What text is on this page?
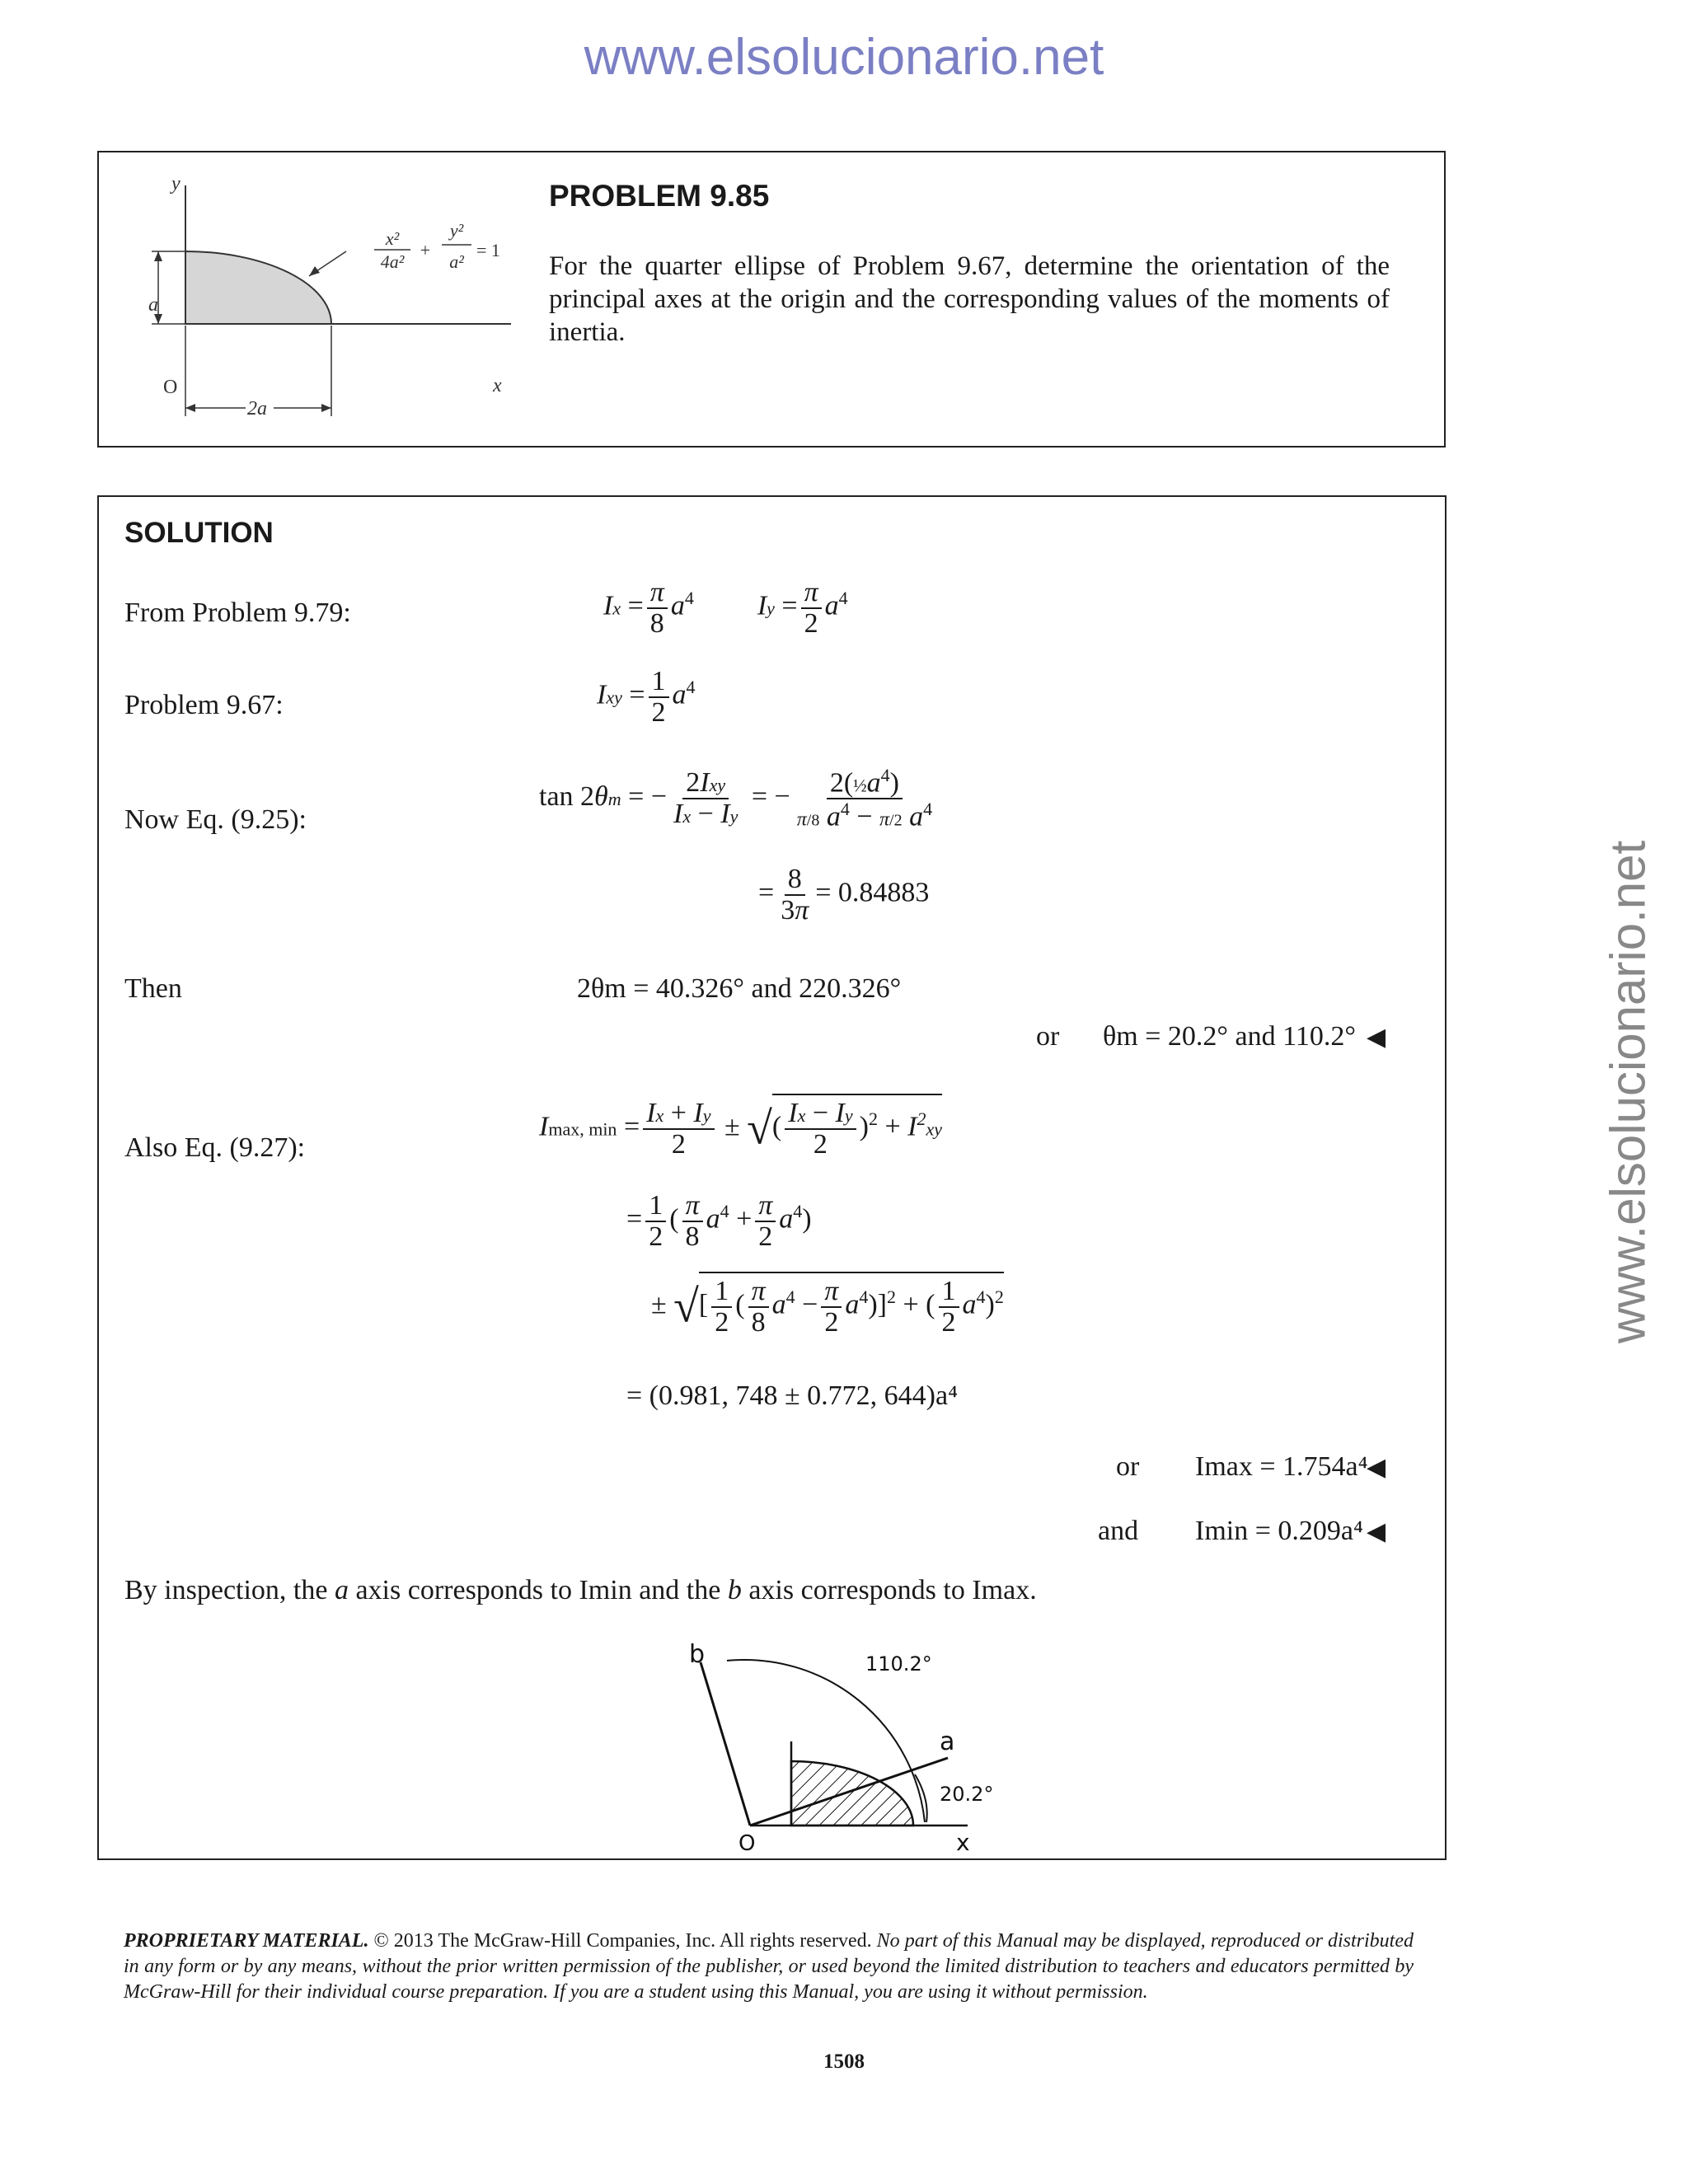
www.elsolucionario.net
www.elsolucionario.net
y
x
O
a
2a
x²
4a²
+
y²
a²
= 1
PROBLEM 9.85
For the quarter ellipse of Problem 9.67, determine the orientation of the principal axes at the origin and the corresponding values of the moments of inertia.
SOLUTION
From Problem 9.79:
Problem 9.67:
Now Eq. (9.25):
Then
Also Eq. (9.27):
$Ix = \frac{\pi}{8} a^4$ $Iy = \frac{\pi}{2} a^4$
Ixy = $\frac{1}{2} a^4$
tan 2θm = − $\frac{\text{2Ixy}}{Ix - Iy}$ = − $\frac{2(\frac{1}{2}a^4)}{\pi/8 a^4 - \pi/2 a^4}$
= $\frac{8}{3\pi} = 0.84883$
2θm = 40.326° and 220.326°
or θm = 20.2° and 110.2° ◀
Imax, $\min = \frac{Ix + Iy}{2}$ ± √( $\frac{Ix - Iy}{2} )^2 + I^2xy$
= $\frac{1}{2}$ ( $\frac{\pi}{8} a^4 + \frac{\pi}{2} a^4$)
± √[ $\frac{1}{2}$ ( $\frac{\pi}{8} a^4 - \frac{\pi}{2} a^4)]^2$ + ( $\frac{1}{2} a^4)^2$
= (0.981, 748 ± 0.772, 644)a⁴
or Imax = 1.754a⁴
◀
and Imin = 0.209a⁴ ◀
By inspection, the a axis corresponds to Imin and the b axis corresponds to Imax.
b
a
O	x
110.2°
20.2°
PROPRIETARY MATERIAL. © 2013 The McGraw-Hill Companies, Inc. All rights reserved. No part of this Manual may be displayed, reproduced or distributed in any form or by any means, without the prior written permission of the publisher, or used beyond the limited distribution to teachers and educators permitted by McGraw-Hill for their individual course preparation. If you are a student using this Manual, you are using it without permission.
1508
